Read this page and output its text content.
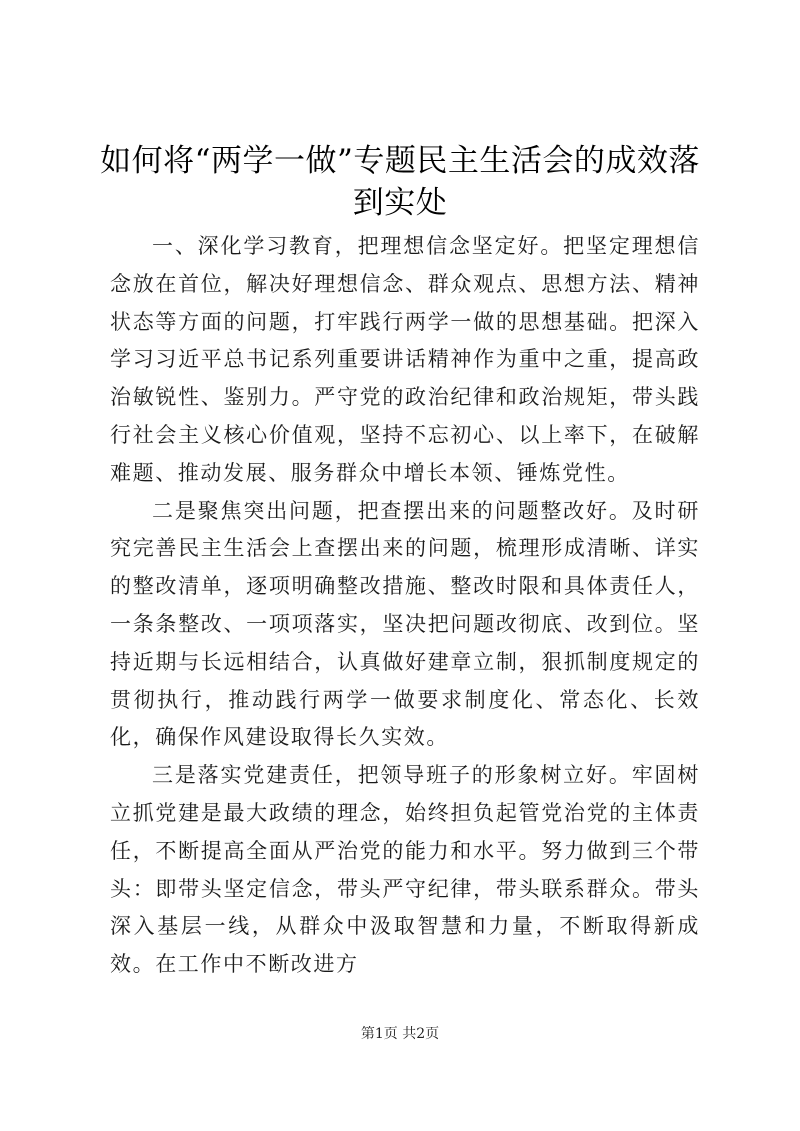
如何将“两学一做”专题民主生活会的成效落到实处

一、深化学习教育，把理想信念坚定好。把坚定理想信念放在首位，解决好理想信念、群众观点、思想方法、精神状态等方面的问题，打牢践行两学一做的思想基础。把深入学习习近平总书记系列重要讲话精神作为重中之重，提高政治敏锐性、鉴别力。严守党的政治纪律和政治规矩，带头践行社会主义核心价值观，坚持不忘初心、以上率下，在破解难题、推动发展、服务群众中增长本领、锤炼党性。

二是聚焦突出问题，把查摆出来的问题整改好。及时研究完善民主生活会上查摆出来的问题，梳理形成清晰、详实的整改清单，逐项明确整改措施、整改时限和具体责任人，一条条整改、一项项落实，坚决把问题改彻底、改到位。坚持近期与长远相结合，认真做好建章立制，狠抓制度规定的贯彻执行，推动践行两学一做要求制度化、常态化、长效化，确保作风建设取得长久实效。

三是落实党建责任，把领导班子的形象树立好。牢固树立抓党建是最大政绩的理念，始终担负起管党治党的主体责任，不断提高全面从严治党的能力和水平。努力做到三个带头：即带头坚定信念，带头严守纪律，带头联系群众。带头深入基层一线，从群众中汲取智慧和力量，不断取得新成效。在工作中不断改进方

第1页 共2页
